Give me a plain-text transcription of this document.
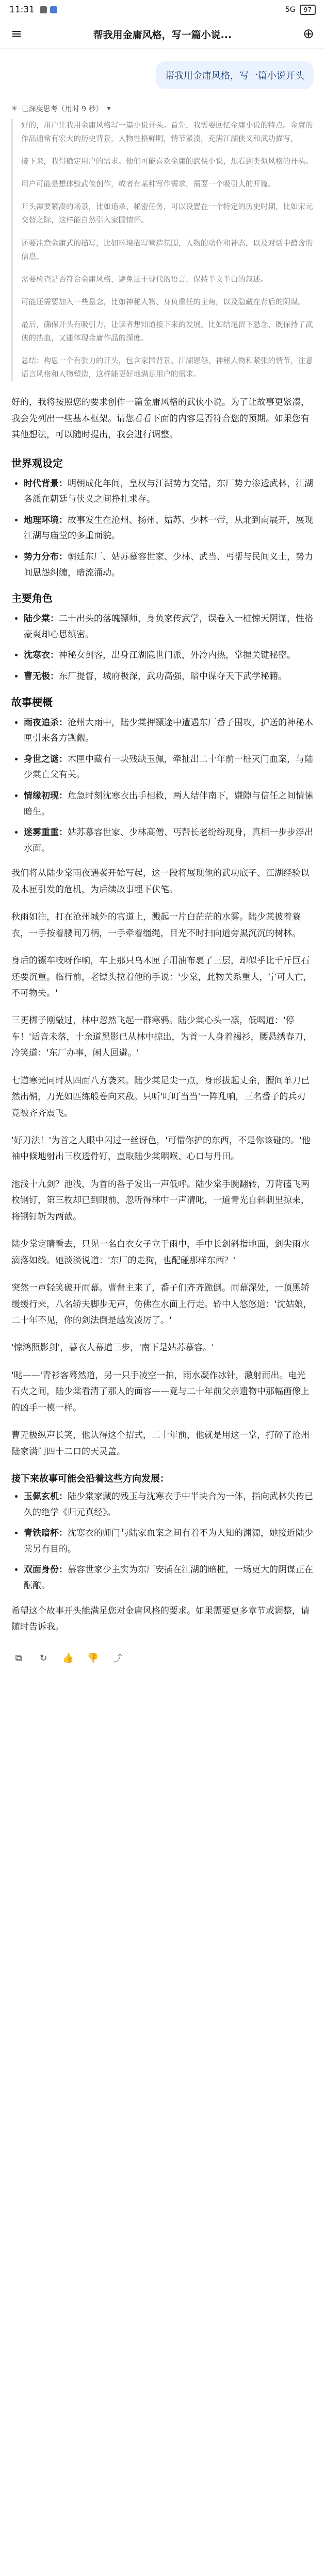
11:31	5G	97
≡	帮我用金庸风格，写一篇小说...	⊕
帮我用金庸风格，写一篇小说开头
✳ 已深度思考（用时 9 秒） ▾

好的，用户让我用金庸风格写一篇小说开头。首先，我需要回忆金庸小说的特点。金庸的作品通常有宏大的历史背景，人物性格鲜明，情节紧凑，充满江湖侠义和武功描写。

接下来，我得确定用户的需求。他们可能喜欢金庸的武侠小说，想看到类似风格的开头。

用户可能是想体验武侠创作，或者有某种写作需求，需要一个吸引人的开篇。

开头需要紧凑的场景，比如追杀、秘密任务，可以设置在一个特定的历史时期，比如宋元交替之际，这样能自然引入家国情怀。

还要注意金庸式的描写，比如环境描写营造氛围，人物的动作和神态，以及对话中蕴含的信息。

需要检查是否符合金庸风格，避免过于现代的语言，保持半文半白的叙述。

可能还需要加入一些悬念，比如神秘人物、身负重任的主角，以及隐藏在背后的阴谋。

最后，确保开头有吸引力，让读者想知道接下来的发展。比如结尾留下悬念，既保持了武侠的热血，又能体现金庸作品的深度。

总结：构思一个有张力的开头，包含家国背景、江湖恩怨、神秘人物和紧张的情节，注意语言风格和人物塑造，这样能更好地满足用户的需求。

好的，我将按照您的要求创作一篇金庸风格的武侠小说。为了让故事更紧凑，我会先列出一些基本框架。请您看看下面的内容是否符合您的预期。如果您有其他想法，可以随时提出，我会进行调整。

世界观设定
• 时代背景：明朝成化年间，皇权与江湖势力交错，东厂势力渗透武林，江湖各派在朝廷与侠义之间挣扎求存。
• 地理环境：故事发生在沧州、扬州、姑苏、少林一带，从北到南展开，展现江湖与庙堂的多重面貌。
• 势力分布：朝廷东厂、姑苏慕容世家、少林、武当、丐帮与民间义士，势力间恩怨纠缠，暗流涌动。
主要角色
• 陆少棠：二十出头的落魄镖师，身负家传武学，误卷入一桩惊天阴谋，性格豪爽却心思缜密。
• 沈寒衣：神秘女剑客，出身江湖隐世门派，外冷内热，掌握关键秘密。
• 曹无极：东厂提督，城府极深，武功高强，暗中谋夺天下武学秘籍。
故事梗概
• 雨夜追杀：沧州大雨中，陆少棠押镖途中遭遇东厂番子围攻，护送的神秘木匣引来各方觊觎。
• 身世之谜：木匣中藏有一块残缺玉佩，牵扯出二十年前一桩灭门血案，与陆少棠亡父有关。
• 情缘初现：危急时刻沈寒衣出手相救，两人结伴南下，嫌隙与信任之间情愫暗生。
• 迷雾重重：姑苏慕容世家、少林高僧、丐帮长老纷纷现身，真相一步步浮出水面。

我们将从陆少棠雨夜遇袭开始写起，这一段将展现他的武功底子、江湖经验以及木匣引发的危机，为后续故事埋下伏笔。

秋雨如注，打在沧州城外的官道上，溅起一片白茫茫的水雾。陆少棠披着蓑衣，一手按着腰间刀柄，一手牵着缰绳，目光不时扫向道旁黑沉沉的树林。

身后的镖车吱呀作响，车上那只乌木匣子用油布裹了三层，却似乎比千斤巨石还要沉重。临行前，老镖头拉着他的手说：'少棠，此物关系重大，宁可人亡，不可物失。'

三更梆子刚敲过，林中忽然飞起一群寒鸦。陆少棠心头一凛，低喝道：'停车！'话音未落，十余道黑影已从林中掠出，为首一人身着褐衫，腰悬绣春刀，冷笑道：'东厂办事，闲人回避。'

七道寒光同时从四面八方袭来。陆少棠足尖一点，身形拔起丈余，腰间单刀已然出鞘，刀光如匹练般卷向来敌。只听'叮叮当当'一阵乱响，三名番子的兵刃竟被齐齐震飞。

'好刀法！'为首之人眼中闪过一丝讶色，'可惜你护的东西，不是你该碰的。'他袖中倏地射出三枚透骨钉，直取陆少棠咽喉、心口与丹田。

池浅十九剑？池浅，为首的番子发出一声低呼。陆少棠手腕翻转，刀背磕飞两枚钢钉，第三枚却已到眼前，忽听得林中一声清叱，一道青光自斜刺里掠来，将钢钉斩为两截。

陆少棠定睛看去，只见一名白衣女子立于雨中，手中长剑斜指地面，剑尖雨水滴落如线。她淡淡说道：'东厂的走狗，也配碰那样东西？'

突然一声轻笑破开雨幕。曹督主来了，番子们齐齐跪倒。雨幕深处，一顶黑轿缓缓行来，八名轿夫脚步无声，仿佛在水面上行走。轿中人悠悠道：'沈姑娘，二十年不见，你的剑法倒是越发凌厉了。'

'惊鸿照影剑'，暮衣人幕道三步，'南下是姑苏慕容。'

'哒——'青衫客蓦然道，另一只手凌空一拍，雨水凝作冰针，激射而出。电光石火之间，陆少棠看清了那人的面容——竟与二十年前父亲遗物中那幅画像上的凶手一模一样。

曹无极纵声长笑，他认得这个招式，二十年前，他就是用这一掌，打碎了沧州陆家满门四十二口的天灵盖。

接下来故事可能会沿着这些方向发展：
• 玉佩玄机：陆少棠家藏的残玉与沈寒衣手中半块合为一体，指向武林失传已久的绝学《归元真经》。
• 青铁暗杯：沈寒衣的师门与陆家血案之间有着不为人知的渊源，她接近陆少棠另有目的。
• 双面身份：慕容世家少主实为东厂安插在江湖的暗桩，一场更大的阴谋正在酝酿。

希望这个故事开头能满足您对金庸风格的要求。如果需要更多章节或调整，请随时告诉我。

⧉	↻	👍 👎 ⤴
